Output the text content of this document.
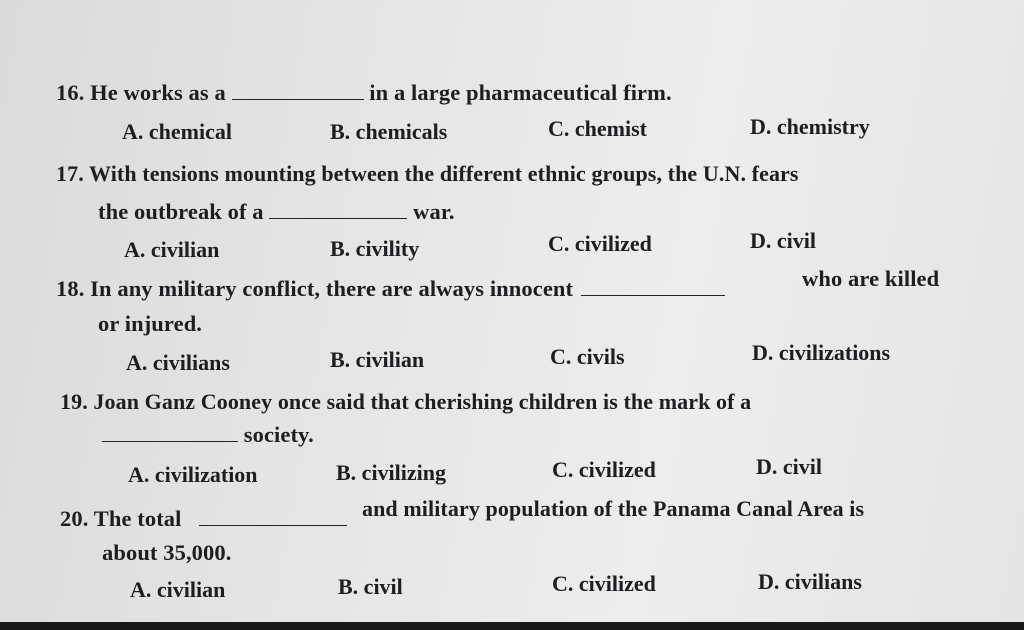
16. He works as a	in a large pharmaceutical firm.
A. chemical	B. chemicals	C. chemist	D. chemistry
17. With tensions mounting between the different ethnic groups, the U.N. fears
the outbreak of a	war.
A. civilian	B. civility	C. civilized	D. civil
18. In any military conflict, there are always innocent	who are killed
or injured.
A. civilians	B. civilian	C. civils	D. civilizations
19. Joan Ganz Cooney once said that cherishing children is the mark of a
society.
A. civilization	B. civilizing	C. civilized	D. civil
20. The total	and military population of the Panama Canal Area is
about 35,000.
A. civilian	B. civil	C. civilized	D. civilians
